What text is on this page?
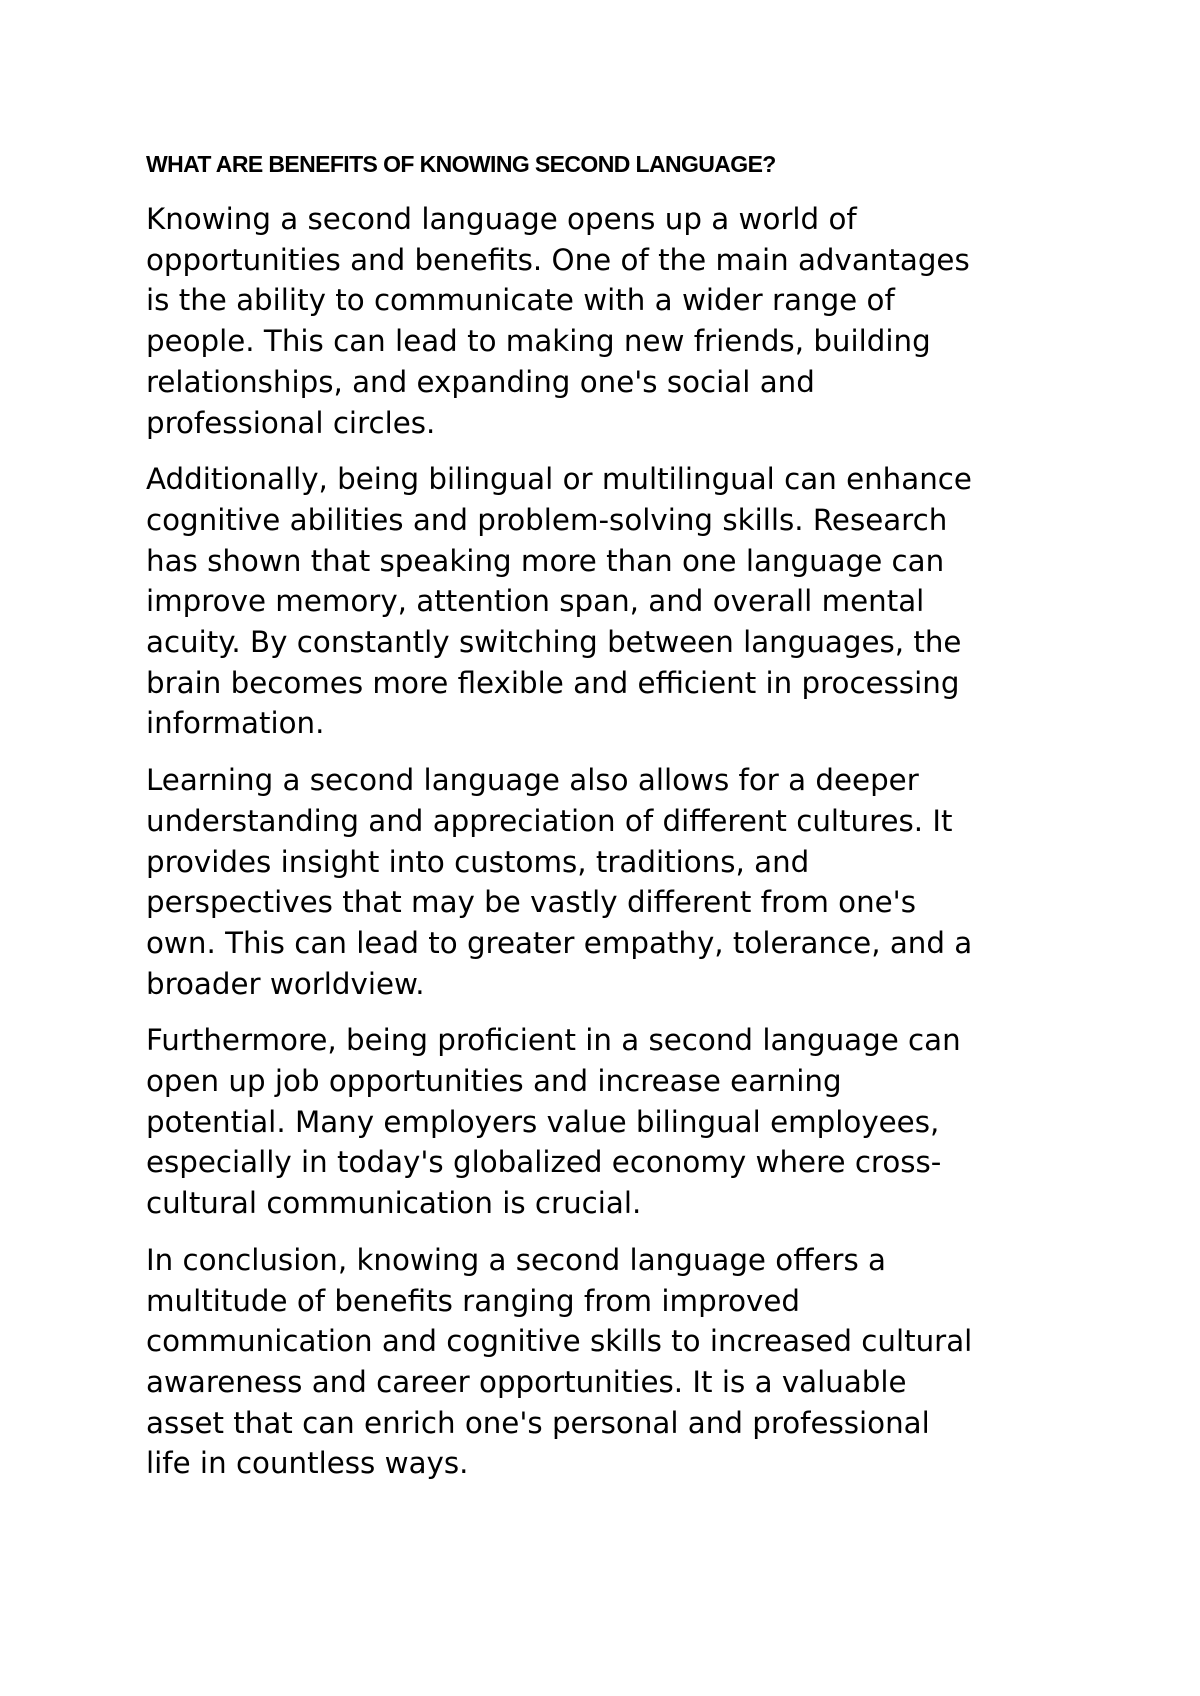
WHAT ARE BENEFITS OF KNOWING SECOND LANGUAGE?

Knowing a second language opens up a world of
opportunities and benefits. One of the main advantages
is the ability to communicate with a wider range of
people. This can lead to making new friends, building
relationships, and expanding one's social and
professional circles.

Additionally, being bilingual or multilingual can enhance
cognitive abilities and problem-solving skills. Research
has shown that speaking more than one language can
improve memory, attention span, and overall mental
acuity. By constantly switching between languages, the
brain becomes more flexible and efficient in processing
information.

Learning a second language also allows for a deeper
understanding and appreciation of different cultures. It
provides insight into customs, traditions, and
perspectives that may be vastly different from one's
own. This can lead to greater empathy, tolerance, and a
broader worldview.

Furthermore, being proficient in a second language can
open up job opportunities and increase earning
potential. Many employers value bilingual employees,
especially in today's globalized economy where cross-
cultural communication is crucial.

In conclusion, knowing a second language offers a
multitude of benefits ranging from improved
communication and cognitive skills to increased cultural
awareness and career opportunities. It is a valuable
asset that can enrich one's personal and professional
life in countless ways.
